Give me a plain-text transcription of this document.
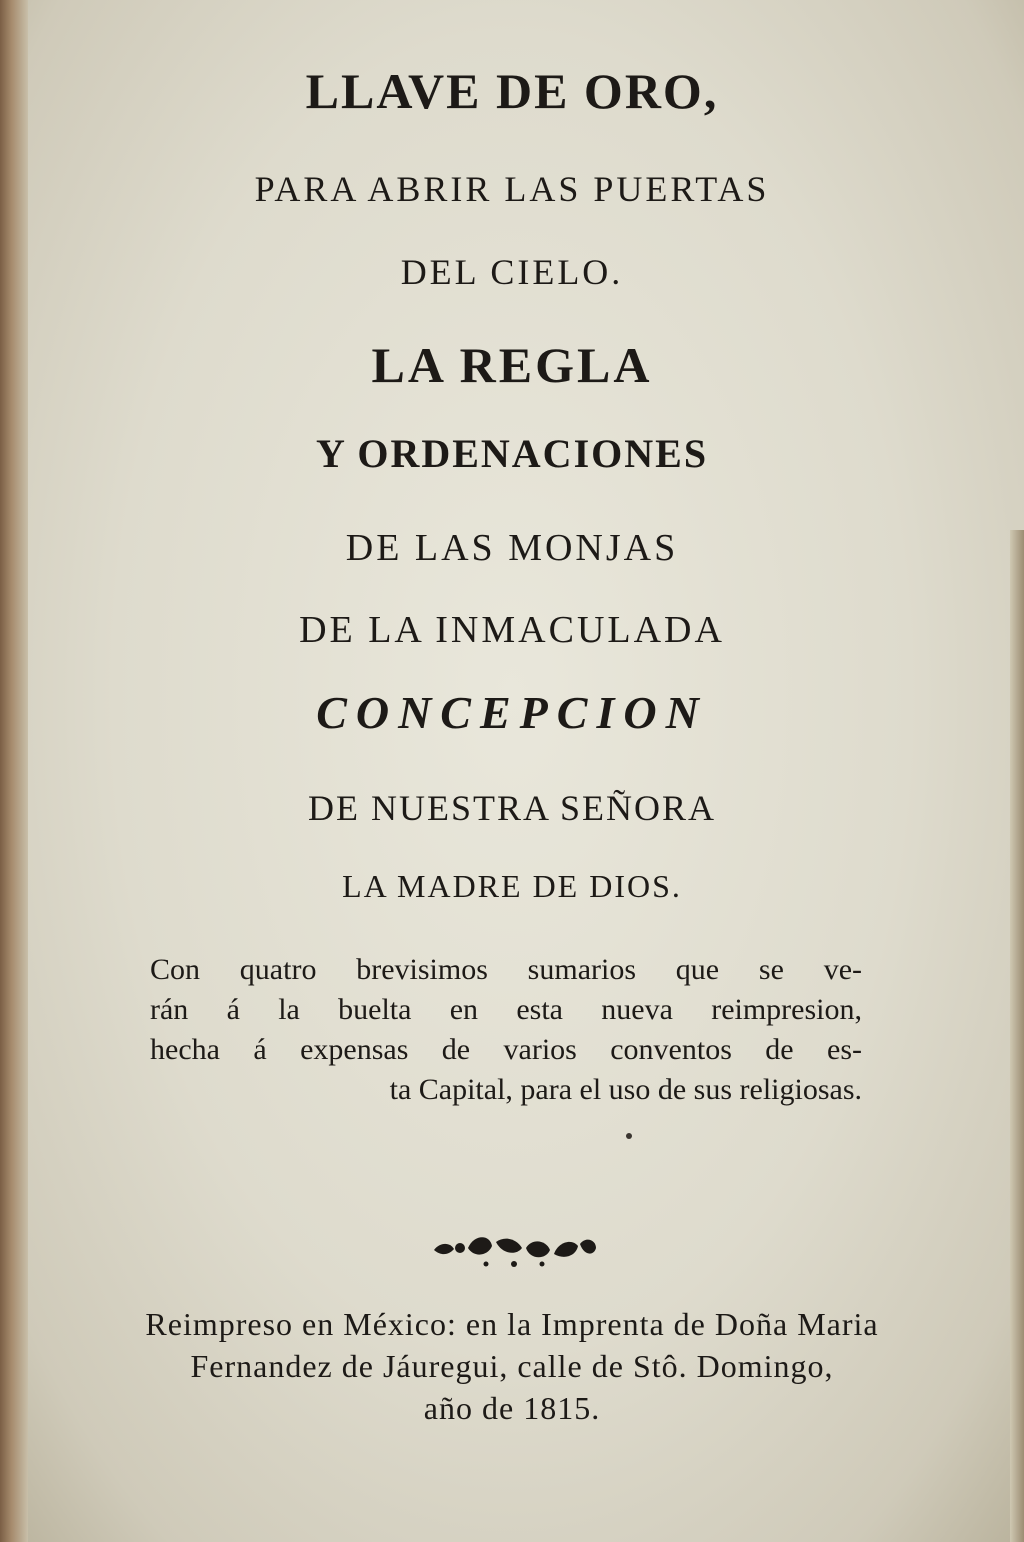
LLAVE DE ORO,
PARA ABRIR LAS PUERTAS
DEL CIELO.
LA REGLA
Y ORDENACIONES
DE LAS MONJAS
DE LA INMACULADA
CONCEPCION
DE NUESTRA SEÑORA
LA MADRE DE DIOS.
Con quatro brevisimos sumarios que se ve-
rán á la buelta en esta nueva reimpresion,
hecha á expensas de varios conventos de es-
ta Capital, para el uso de sus religiosas.
Reimpreso en México: en la Imprenta de Doña Maria
Fernandez de Jáuregui, calle de Stô. Domingo,
año de 1815.
